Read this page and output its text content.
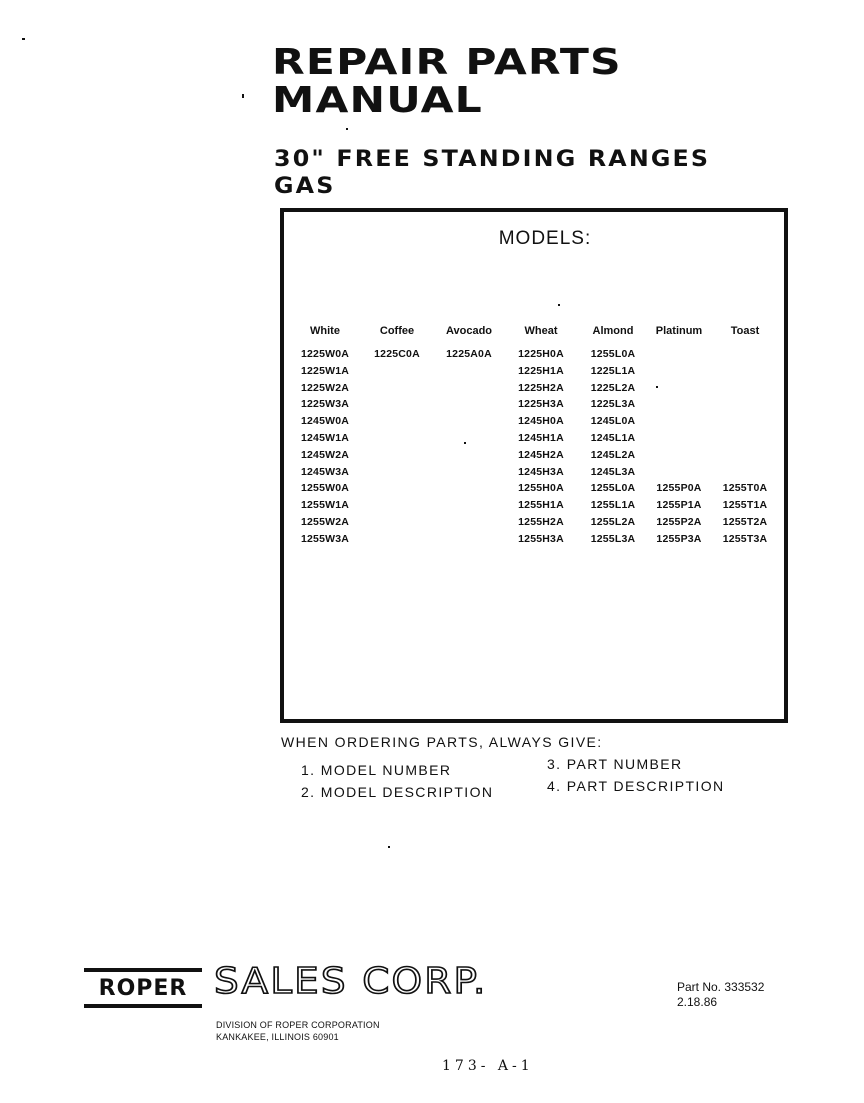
REPAIR PARTS
MANUAL
30" FREE STANDING RANGES
GAS
MODELS:
White
1225W0A
1225W1A
1225W2A
1225W3A
1245W0A
1245W1A
1245W2A
1245W3A
1255W0A
1255W1A
1255W2A
1255W3A
Coffee
1225C0A
Avocado
1225A0A
Wheat
1225H0A
1225H1A
1225H2A
1225H3A
1245H0A
1245H1A
1245H2A
1245H3A
1255H0A
1255H1A
1255H2A
1255H3A
Almond
1255L0A
1225L1A
1225L2A
1225L3A
1245L0A
1245L1A
1245L2A
1245L3A
1255L0A
1255L1A
1255L2A
1255L3A
Platinum
1255P0A
1255P1A
1255P2A
1255P3A
Toast
1255T0A
1255T1A
1255T2A
1255T3A
WHEN ORDERING PARTS, ALWAYS GIVE:
1. MODEL NUMBER
2. MODEL DESCRIPTION
3. PART NUMBER
4. PART DESCRIPTION
ROPER SALES CORP.
DIVISION OF ROPER CORPORATION
KANKAKEE, ILLINOIS 60901
Part No. 333532
2.18.86
173- A-1
